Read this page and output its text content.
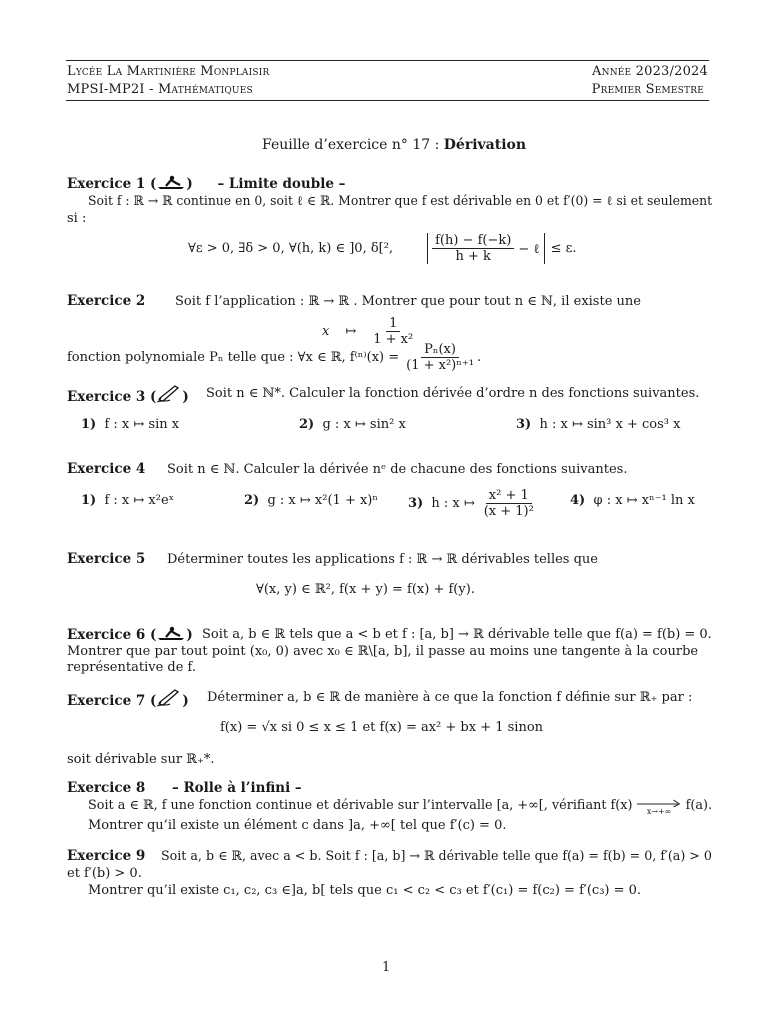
Lycée La Martinière Monplaisir	Année 2023/2024
MPSI-MP2I - Mathématiques	Premier Semestre
Feuille d’exercice n° 17 : Dérivation
Exercice 1 ( ) – Limite double –
Soit f : ℝ → ℝ continue en 0, soit ℓ ∈ ℝ. Montrer que f est dérivable en 0 et f′(0) = ℓ si et seulement
si :
∀ε > 0, ∃δ > 0, ∀(h, k) ∈ ]0, δ[²,	$\frac{f(h) - f(-k)}{h + k}$ − ℓ ≤ ε.
Exercice 2 Soit f l’application : ℝ → ℝ . Montrer que pour tout n ∈ ℕ, il existe une
x ↦ $\frac{1}{\text{1 + x²}}$
fonction polynomiale Pₙ telle que : ∀x ∈ ℝ, $f^{(n)}(x) = \frac{\text{Pₙ(x)}}{\text{(1 + x²)ⁿ⁺¹}}$ .
Exercice 3 ( ) Soit n ∈ ℕ*. Calculer la fonction dérivée d’ordre n des fonctions suivantes.
1) f : x ↦ sin x	2) g : x ↦ sin² x	3) h : x ↦ sin³ x + cos³ x
Exercice 4 Soit n ∈ ℕ. Calculer la dérivée nᵉ de chacune des fonctions suivantes.
1) f : x ↦ x²eˣ	2) g : x ↦ x²(1 + x)ⁿ 3)
h : x ↦ $\frac{\text{x² + 1}}{\text{(x + 1)²}}$	4) φ : x ↦ xⁿ⁻¹ ln x
Exercice 5 Déterminer toutes les applications f : ℝ → ℝ dérivables telles que
∀(x, y) ∈ ℝ², f(x + y) = f(x) + f(y).
Exercice 6 ( ) Soit a, b ∈ ℝ tels que a < b et f : [a, b] → ℝ dérivable telle que f(a) = f(b) = 0.
Montrer que par tout point (x₀, 0) avec x₀ ∈ ℝ\[a, b], il passe au moins une tangente à la courbe
représentative de f.
Exercice 7 ( ) Déterminer a, b ∈ ℝ de manière à ce que la fonction f définie sur ℝ₊ par :
f(x) = √x si 0 ≤ x ≤ 1 et f(x) = ax² + bx + 1 sinon
soit dérivable sur ℝ₊*.
Exercice 8 – Rolle à l’infini –
Soit a ∈ ℝ, f une fonction continue et dérivable sur l’intervalle [a, +∞[, vérifiant f(x) x→+∞ f(a).
Montrer qu’il existe un élément c dans ]a, +∞[ tel que f′(c) = 0.
Exercice 9 Soit a, b ∈ ℝ, avec a < b. Soit f : [a, b] → ℝ dérivable telle que f(a) = f(b) = 0, f′(a) > 0
et f′(b) > 0.
Montrer qu’il existe c₁, c₂, c₃ ∈]a, b[ tels que c₁ < c₂ < c₃ et f′(c₁) = f(c₂) = f′(c₃) = 0.
1
